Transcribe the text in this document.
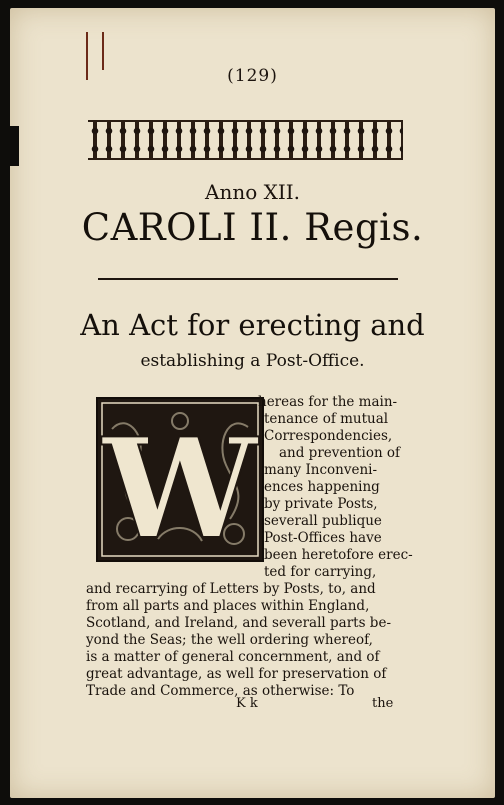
(129)
Anno XII.
CAROLI II. Regis.
An Act for erecting and
establishing a Post-Office.
W
hereas for the main-
tenance of mutual
Correspondencies,
and prevention of
many Inconveni-
ences happening
by private Posts,
severall publique
Post-Offices have
been heretofore erec-
ted for carrying,
and recarrying of Letters by Posts, to, and
from all parts and places within England,
Scotland, and Ireland, and severall parts be-
yond the Seas; the well ordering whereof,
is a matter of general concernment, and of
great advantage, as well for preservation of
Trade and Commerce, as otherwise: To
K k	the
